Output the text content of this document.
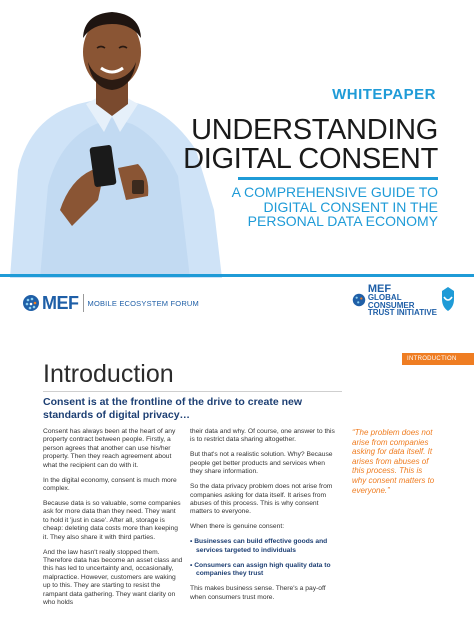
WHITEPAPER
UNDERSTANDING
DIGITAL CONSENT
A COMPREHENSIVE GUIDE TO
DIGITAL CONSENT IN THE
PERSONAL DATA ECONOMY
MEF MOBILE ECOSYSTEM FORUM
MEF
GLOBAL
CONSUMER
TRUST INITIATIVE
INTRODUCTION
Introduction
Consent is at the frontline of the drive to create new standards of digital privacy…

Consent has always been at the heart of any property contract between people. Firstly, a person agrees that another can use his/her property. Then they reach agreement about what the recipient can do with it.

In the digital economy, consent is much more complex.

Because data is so valuable, some companies ask for more data than they need. They want to hold it 'just in case'. After all, storage is cheap: deleting data costs more than keeping it. They also share it with third parties.

And the law hasn't really stopped them. Therefore data has become an asset class and this has led to uncertainty and, occasionally, malpractice. However, customers are waking up to this. They are starting to resist the rampant data gathering. They want clarity on who holds

their data and why. Of course, one answer to this is to restrict data sharing altogether.

But that's not a realistic solution. Why? Because people get better products and services when they share information.

So the data privacy problem does not arise from companies asking for data itself. It arises from abuses of this process. This is why consent matters to everyone.

When there is genuine consent:

• Businesses can build effective goods and services targeted to individuals

• Consumers can assign high quality data to companies they trust

This makes business sense. There's a pay-off when consumers trust more.

“The problem does not arise from companies asking for data itself. It arises from abuses of this process. This is why consent matters to everyone.”
